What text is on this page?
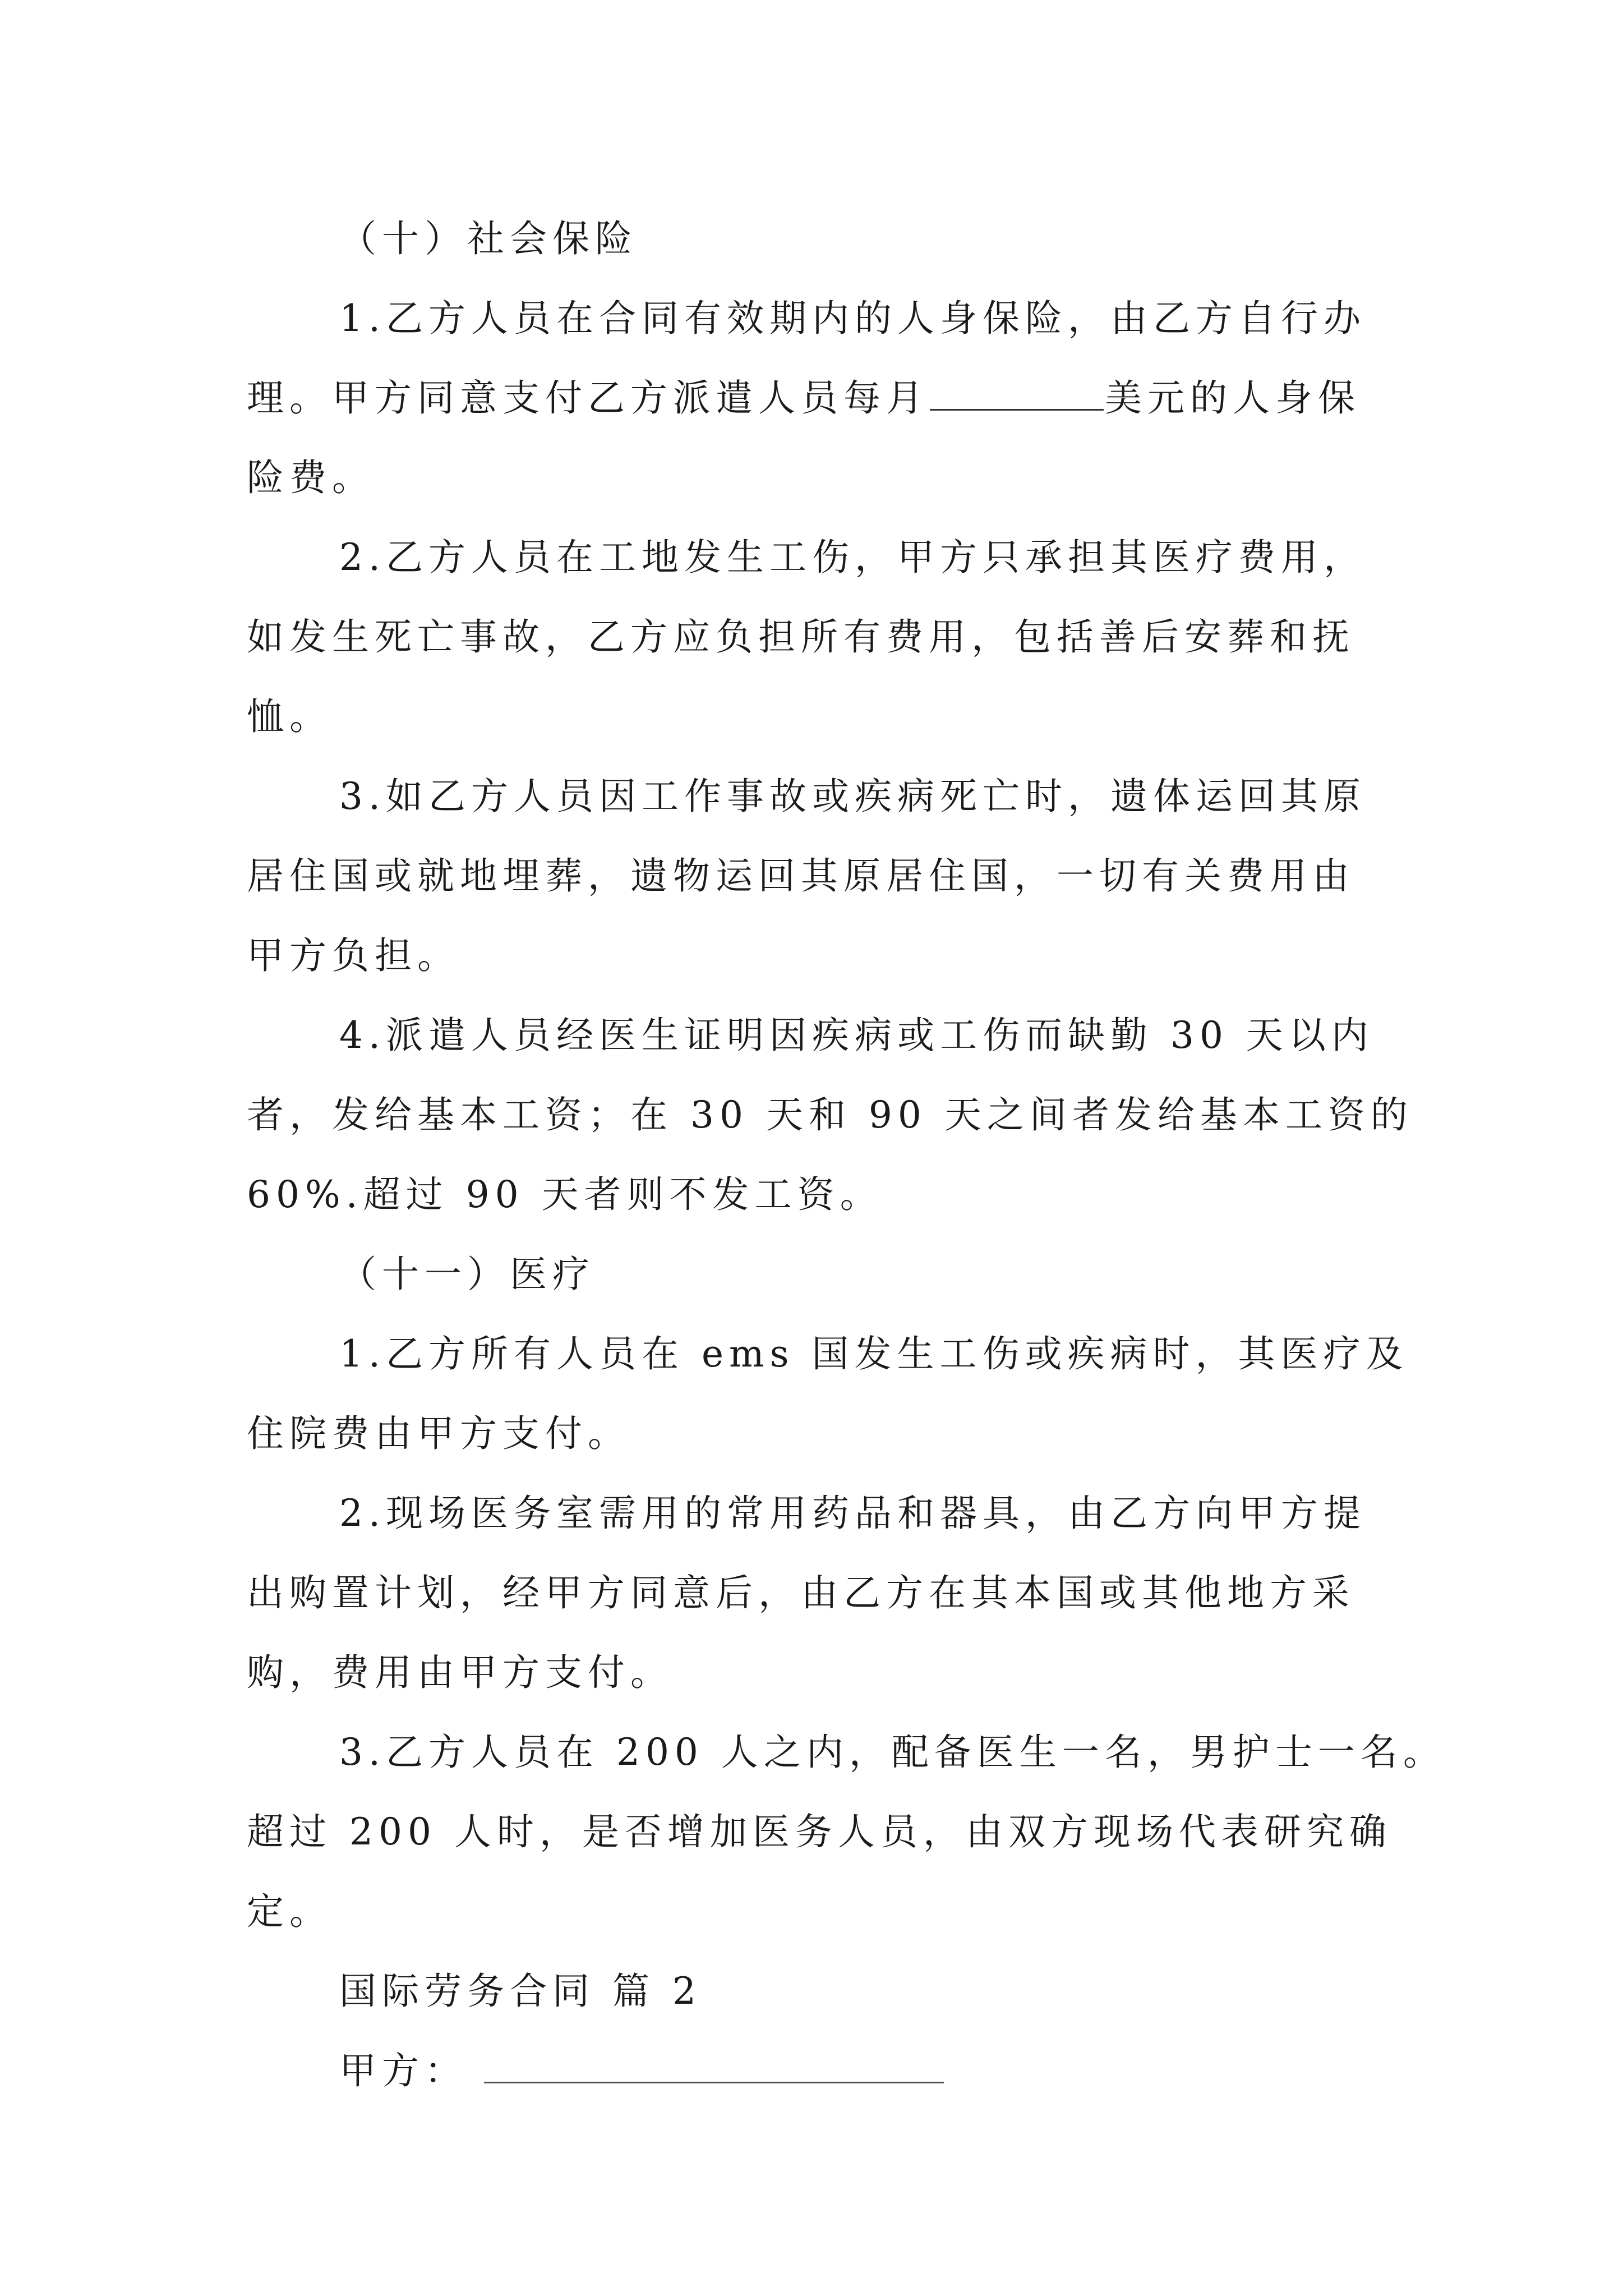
（十）社会保险
1.乙方人员在合同有效期内的人身保险，由乙方自行办
理。甲方同意支付乙方派遣人员每月	美元的人身保
险费。
2.乙方人员在工地发生工伤，甲方只承担其医疗费用，
如发生死亡事故，乙方应负担所有费用，包括善后安葬和抚
恤。
3.如乙方人员因工作事故或疾病死亡时，遗体运回其原
居住国或就地埋葬，遗物运回其原居住国，一切有关费用由
甲方负担。
4.派遣人员经医生证明因疾病或工伤而缺勤 30 天以内
者，发给基本工资；在 30 天和 90 天之间者发给基本工资的
60%.超过 90 天者则不发工资。
（十一）医疗
1.乙方所有人员在 ems 国发生工伤或疾病时，其医疗及
住院费由甲方支付。
2.现场医务室需用的常用药品和器具，由乙方向甲方提
出购置计划，经甲方同意后，由乙方在其本国或其他地方采
购，费用由甲方支付。
3.乙方人员在 200 人之内，配备医生一名，男护士一名。
超过 200 人时，是否增加医务人员，由双方现场代表研究确
定。
国际劳务合同 篇 2
甲方：
